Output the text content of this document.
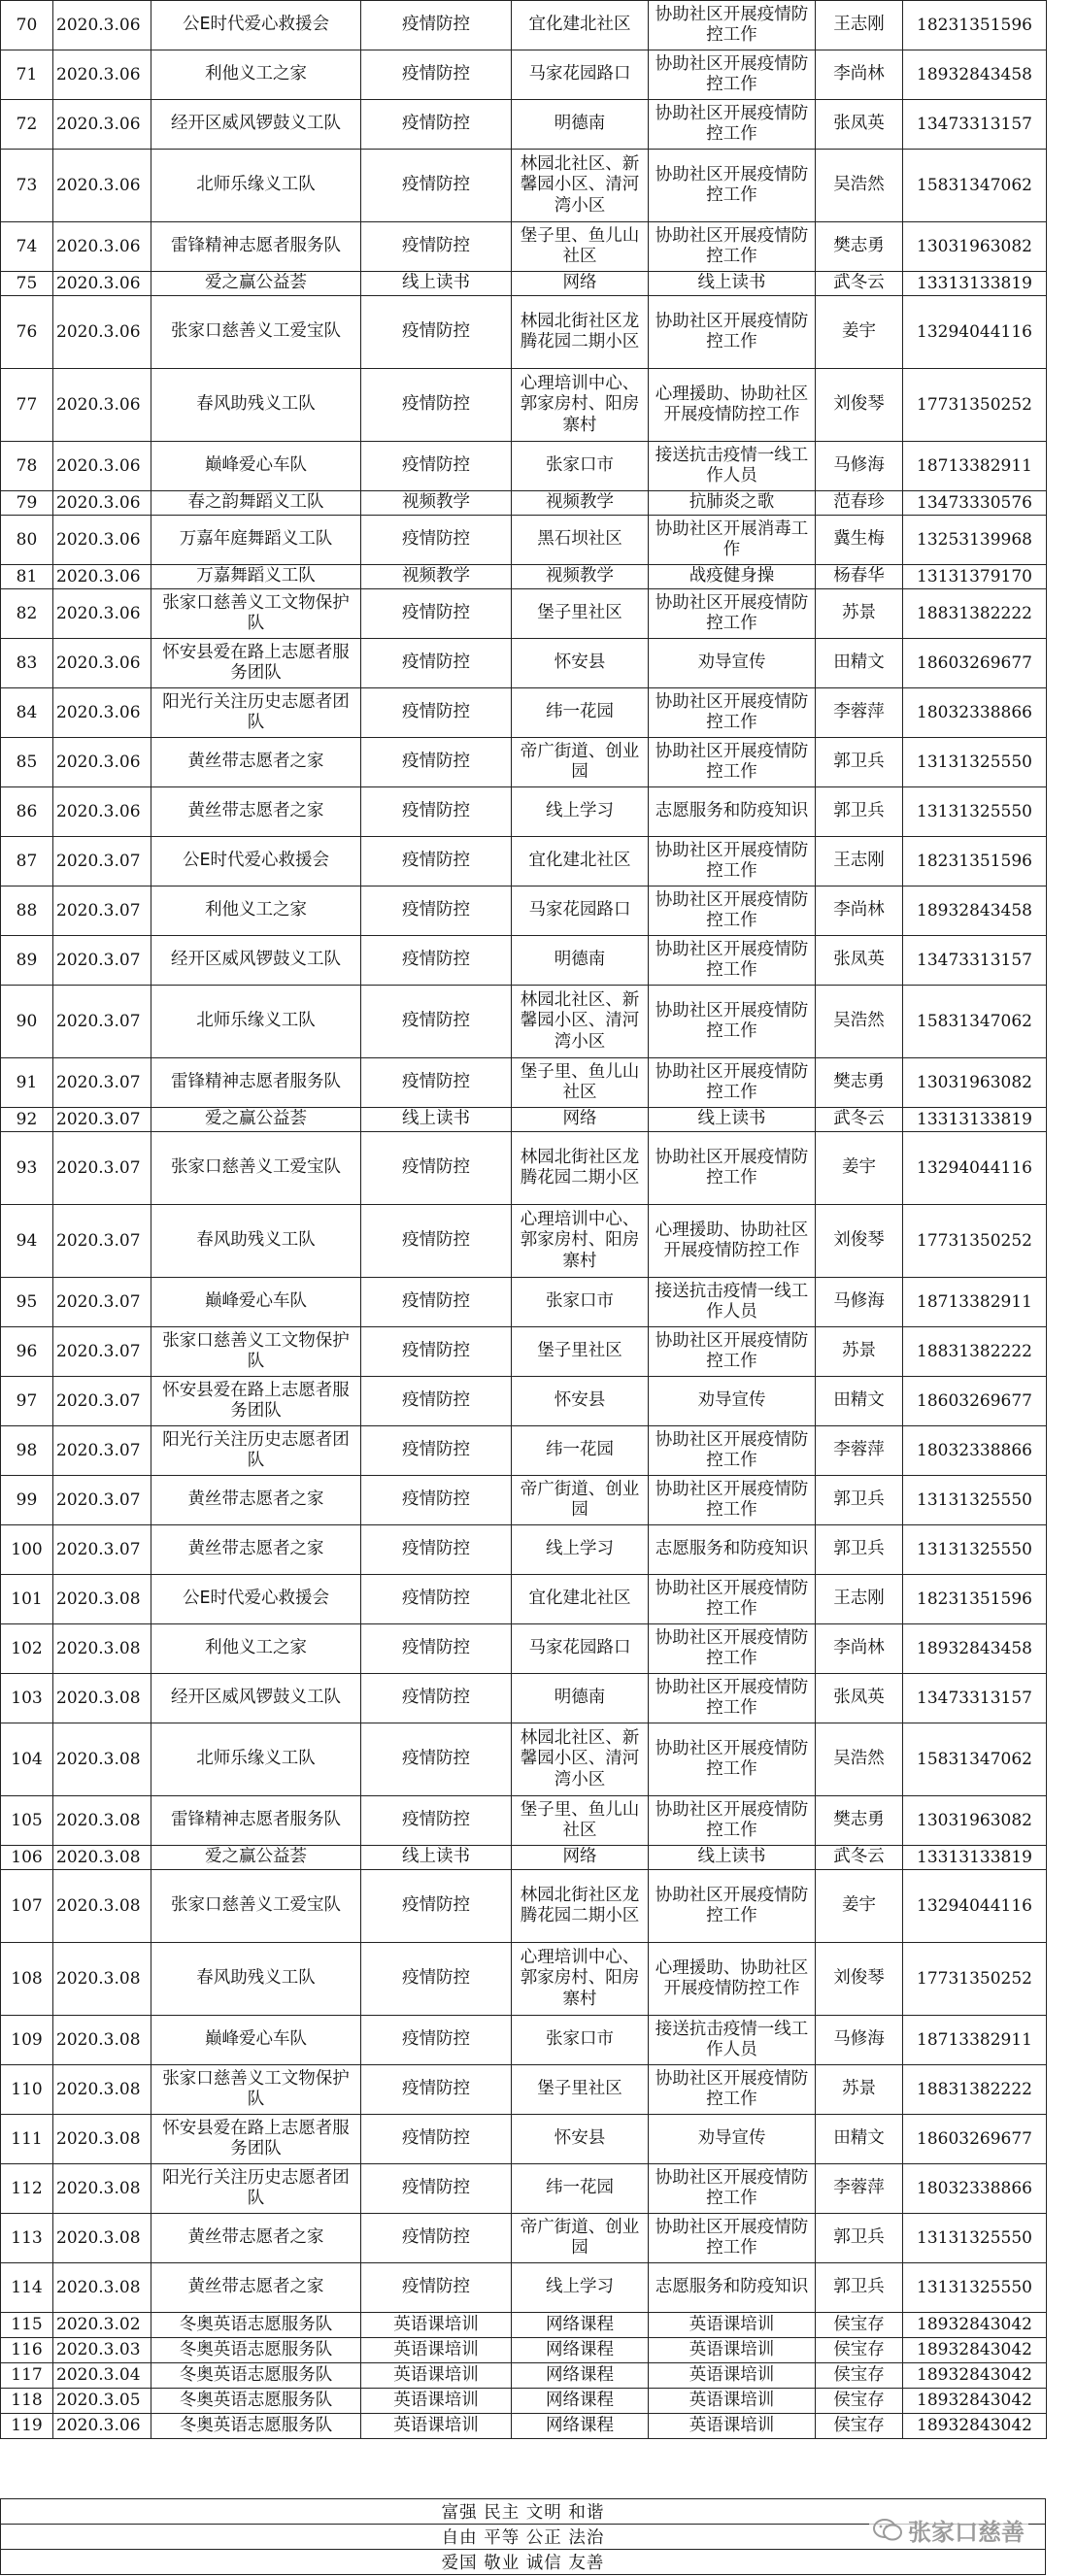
70	2020.3.06	公E时代爱心救援会	疫情防控	宜化建北社区	协助社区开展疫情防控工作	王志刚	18231351596
71	2020.3.06	利他义工之家	疫情防控	马家花园路口	协助社区开展疫情防控工作	李尚林	18932843458
72	2020.3.06	经开区威风锣鼓义工队	疫情防控	明德南	协助社区开展疫情防控工作	张凤英	13473313157
73	2020.3.06	北师乐缘义工队	疫情防控	林园北社区、新馨园小区、清河湾小区	协助社区开展疫情防控工作	吴浩然	15831347062
74	2020.3.06	雷锋精神志愿者服务队	疫情防控	堡子里、鱼儿山社区	协助社区开展疫情防控工作	樊志勇	13031963082
75	2020.3.06	爱之赢公益荟	线上读书	网络	线上读书	武冬云	13313133819
76	2020.3.06	张家口慈善义工爱宝队	疫情防控	林园北街社区龙腾花园二期小区	协助社区开展疫情防控工作	姜宇	13294044116
77	2020.3.06	春风助残义工队	疫情防控	心理培训中心、郭家房村、阳房寨村	心理援助、协助社区开展疫情防控工作	刘俊琴	17731350252
78	2020.3.06	巅峰爱心车队	疫情防控	张家口市	接送抗击疫情一线工作人员	马修海	18713382911
79	2020.3.06	春之韵舞蹈义工队	视频教学	视频教学	抗肺炎之歌	范春珍	13473330576
80	2020.3.06	万嘉年庭舞蹈义工队	疫情防控	黑石坝社区	协助社区开展消毒工作	冀生梅	13253139968
81	2020.3.06	万嘉舞蹈义工队	视频教学	视频教学	战疫健身操	杨春华	13131379170
82	2020.3.06	张家口慈善义工文物保护队	疫情防控	堡子里社区	协助社区开展疫情防控工作	苏景	18831382222
83	2020.3.06	怀安县爱在路上志愿者服务团队	疫情防控	怀安县	劝导宣传	田精文	18603269677
84	2020.3.06	阳光行关注历史志愿者团队	疫情防控	纬一花园	协助社区开展疫情防控工作	李蓉萍	18032338866
85	2020.3.06	黄丝带志愿者之家	疫情防控	帝广街道、创业园	协助社区开展疫情防控工作	郭卫兵	13131325550
86	2020.3.06	黄丝带志愿者之家	疫情防控	线上学习	志愿服务和防疫知识	郭卫兵	13131325550
87	2020.3.07	公E时代爱心救援会	疫情防控	宜化建北社区	协助社区开展疫情防控工作	王志刚	18231351596
88	2020.3.07	利他义工之家	疫情防控	马家花园路口	协助社区开展疫情防控工作	李尚林	18932843458
89	2020.3.07	经开区威风锣鼓义工队	疫情防控	明德南	协助社区开展疫情防控工作	张凤英	13473313157
90	2020.3.07	北师乐缘义工队	疫情防控	林园北社区、新馨园小区、清河湾小区	协助社区开展疫情防控工作	吴浩然	15831347062
91	2020.3.07	雷锋精神志愿者服务队	疫情防控	堡子里、鱼儿山社区	协助社区开展疫情防控工作	樊志勇	13031963082
92	2020.3.07	爱之赢公益荟	线上读书	网络	线上读书	武冬云	13313133819
93	2020.3.07	张家口慈善义工爱宝队	疫情防控	林园北街社区龙腾花园二期小区	协助社区开展疫情防控工作	姜宇	13294044116
94	2020.3.07	春风助残义工队	疫情防控	心理培训中心、郭家房村、阳房寨村	心理援助、协助社区开展疫情防控工作	刘俊琴	17731350252
95	2020.3.07	巅峰爱心车队	疫情防控	张家口市	接送抗击疫情一线工作人员	马修海	18713382911
96	2020.3.07	张家口慈善义工文物保护队	疫情防控	堡子里社区	协助社区开展疫情防控工作	苏景	18831382222
97	2020.3.07	怀安县爱在路上志愿者服务团队	疫情防控	怀安县	劝导宣传	田精文	18603269677
98	2020.3.07	阳光行关注历史志愿者团队	疫情防控	纬一花园	协助社区开展疫情防控工作	李蓉萍	18032338866
99	2020.3.07	黄丝带志愿者之家	疫情防控	帝广街道、创业园	协助社区开展疫情防控工作	郭卫兵	13131325550
100	2020.3.07	黄丝带志愿者之家	疫情防控	线上学习	志愿服务和防疫知识	郭卫兵	13131325550
101	2020.3.08	公E时代爱心救援会	疫情防控	宜化建北社区	协助社区开展疫情防控工作	王志刚	18231351596
102	2020.3.08	利他义工之家	疫情防控	马家花园路口	协助社区开展疫情防控工作	李尚林	18932843458
103	2020.3.08	经开区威风锣鼓义工队	疫情防控	明德南	协助社区开展疫情防控工作	张凤英	13473313157
104	2020.3.08	北师乐缘义工队	疫情防控	林园北社区、新馨园小区、清河湾小区	协助社区开展疫情防控工作	吴浩然	15831347062
105	2020.3.08	雷锋精神志愿者服务队	疫情防控	堡子里、鱼儿山社区	协助社区开展疫情防控工作	樊志勇	13031963082
106	2020.3.08	爱之赢公益荟	线上读书	网络	线上读书	武冬云	13313133819
107	2020.3.08	张家口慈善义工爱宝队	疫情防控	林园北街社区龙腾花园二期小区	协助社区开展疫情防控工作	姜宇	13294044116
108	2020.3.08	春风助残义工队	疫情防控	心理培训中心、郭家房村、阳房寨村	心理援助、协助社区开展疫情防控工作	刘俊琴	17731350252
109	2020.3.08	巅峰爱心车队	疫情防控	张家口市	接送抗击疫情一线工作人员	马修海	18713382911
110	2020.3.08	张家口慈善义工文物保护队	疫情防控	堡子里社区	协助社区开展疫情防控工作	苏景	18831382222
111	2020.3.08	怀安县爱在路上志愿者服务团队	疫情防控	怀安县	劝导宣传	田精文	18603269677
112	2020.3.08	阳光行关注历史志愿者团队	疫情防控	纬一花园	协助社区开展疫情防控工作	李蓉萍	18032338866
113	2020.3.08	黄丝带志愿者之家	疫情防控	帝广街道、创业园	协助社区开展疫情防控工作	郭卫兵	13131325550
114	2020.3.08	黄丝带志愿者之家	疫情防控	线上学习	志愿服务和防疫知识	郭卫兵	13131325550
115	2020.3.02	冬奥英语志愿服务队	英语课培训	网络课程	英语课培训	侯宝存	18932843042
116	2020.3.03	冬奥英语志愿服务队	英语课培训	网络课程	英语课培训	侯宝存	18932843042
117	2020.3.04	冬奥英语志愿服务队	英语课培训	网络课程	英语课培训	侯宝存	18932843042
118	2020.3.05	冬奥英语志愿服务队	英语课培训	网络课程	英语课培训	侯宝存	18932843042
119	2020.3.06	冬奥英语志愿服务队	英语课培训	网络课程	英语课培训	侯宝存	18932843042
富强 民主 文明 和谐
自由 平等 公正 法治
爱国 敬业 诚信 友善
张家口慈善
